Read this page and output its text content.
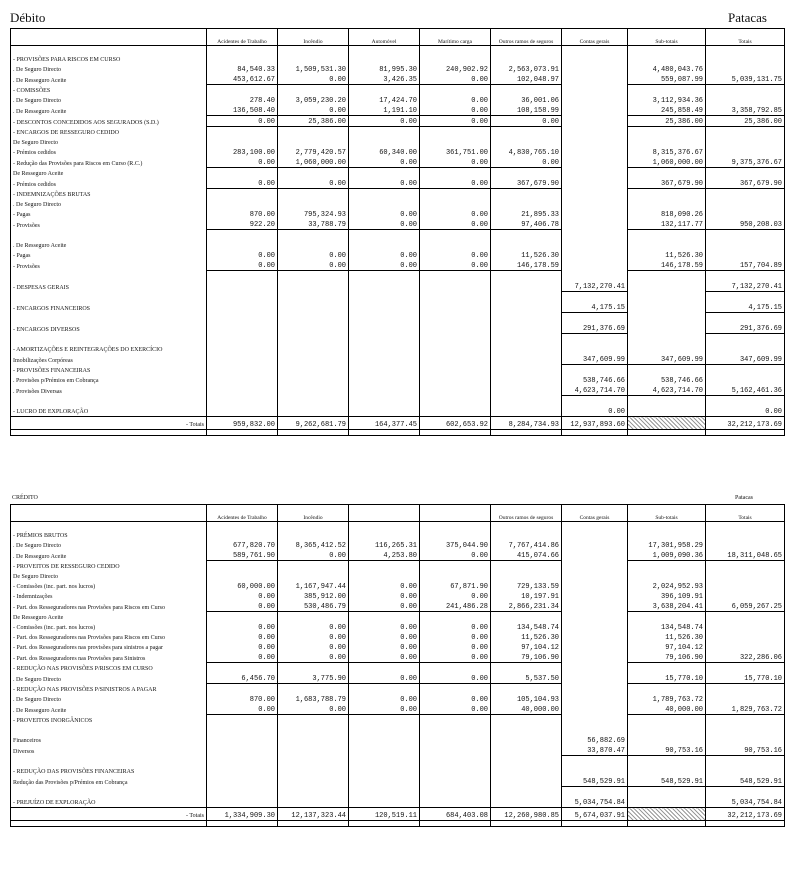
Débito	Patacas
	Acidentes de Trabalho	Incêndio	Automóvel	Marítimo carga	Outros ramos de seguros	Contas gerais	Sub-totais	Totais

- PROVISÕES PARA RISCOS EM CURSO								
. De Seguro Directo	84,540.33	1,509,531.30	81,995.30	240,902.92	2,563,073.91		4,480,043.76	
. De Resseguro Aceite	453,612.67	0.00	3,426.35	0.00	102,048.97		559,087.99	5,039,131.75
- COMISSÕES								
. De Seguro Directo	278.40	3,059,230.20	17,424.70	0.00	36,001.06		3,112,934.36	
. De Resseguro Aceite	136,508.40	0.00	1,191.10	0.00	108,158.99		245,858.49	3,358,792.85
- DESCONTOS CONCEDIDOS AOS SEGURADOS (S.D.)	0.00	25,386.00	0.00	0.00	0.00		25,386.00	25,386.00
- ENCARGOS DE RESSEGURO CEDIDO								
De Seguro Directo								
- Prémios cedidos	283,100.00	2,779,420.57	60,340.00	361,751.00	4,830,765.10		8,315,376.67	
- Redução das Provisões para Riscos em Curso (R.C.)	0.00	1,060,000.00	0.00	0.00	0.00		1,060,000.00	9,375,376.67
De Resseguro Aceite								
- Prémios cedidos	0.00	0.00	0.00	0.00	367,679.90		367,679.90	367,679.90
- INDEMNIZAÇÕES BRUTAS								
. De Seguro Directo								
- Pagas	870.00	795,324.93	0.00	0.00	21,895.33		818,090.26	
- Provisões	922.20	33,788.79	0.00	0.00	97,406.78		132,117.77	950,208.03

. De Resseguro Aceite								
- Pagas	0.00	0.00	0.00	0.00	11,526.30		11,526.30	
- Provisões	0.00	0.00	0.00	0.00	146,178.59		146,178.59	157,704.89

- DESPESAS GERAIS						7,132,270.41		7,132,270.41

- ENCARGOS FINANCEIROS						4,175.15		4,175.15

- ENCARGOS DIVERSOS						291,376.69		291,376.69

- AMORTIZAÇÕES E REINTEGRAÇÕES DO EXERCÍCIO								
Imobilizações Corpóreas						347,609.99	347,609.99	347,609.99
- PROVISÕES FINANCEIRAS								
. Provisões p/Prémios em Cobrança						538,746.66	538,746.66	
. Provisões Diversas						4,623,714.70	4,623,714.70	5,162,461.36

- LUCRO DE EXPLORAÇÃO						0.00		0.00
- Totais	959,832.00	9,262,681.79	164,377.45	602,653.92	8,284,734.93	12,937,893.60		32,212,173.69

CRÉDITO	Patacas
	Acidentes de Trabalho	Incêndio			Outros ramos de seguros	Contas gerais	Sub-totais	Totais

- PRÉMIOS BRUTOS								
. De Seguro Directo	677,820.70	8,365,412.52	116,265.31	375,044.90	7,767,414.86		17,301,958.29	
. De Resseguro Aceite	589,761.90	0.00	4,253.80	0.00	415,074.66		1,009,090.36	18,311,048.65
- PROVEITOS DE RESSEGURO CEDIDO								
De Seguro Directo								
- Comissões (inc. part. nos lucros)	60,000.00	1,167,947.44	0.00	67,871.90	729,133.59		2,024,952.93	
- Indemnizações	0.00	385,912.00	0.00	0.00	10,197.91		396,109.91	
- Part. dos Resseguradores nas Provisões para Riscos em Curso	0.00	530,486.79	0.00	241,486.28	2,866,231.34		3,638,204.41	6,059,267.25
De Resseguro Aceite								
- Comissões (inc. part. nos lucros)	0.00	0.00	0.00	0.00	134,548.74		134,548.74	
- Part. dos Resseguradores nas Provisões para Riscos em Curso	0.00	0.00	0.00	0.00	11,526.30		11,526.30	
- Part. dos Resseguradores nas provisões para sinistros a pagar	0.00	0.00	0.00	0.00	97,104.12		97,104.12	
- Part. dos Resseguradores nas Provisões para Sinistros	0.00	0.00	0.00	0.00	79,106.90		79,106.90	322,286.06
- REDUÇÃO NAS PROVISÕES P/RISCOS EM CURSO								
. De Seguro Directo	6,456.70	3,775.90	0.00	0.00	5,537.50		15,770.10	15,770.10
- REDUÇÃO NAS PROVISÕES P/SINISTROS A PAGAR								
. De Seguro Directo	870.00	1,683,788.79	0.00	0.00	105,104.93		1,789,763.72	
. De Resseguro Aceite	0.00	0.00	0.00	0.00	40,000.00		40,000.00	1,829,763.72
- PROVEITOS INORGÂNICOS								

Financeiros						56,882.69		
Diversos						33,870.47	90,753.16	90,753.16

- REDUÇÃO DAS PROVISÕES FINANCEIRAS								
Redução das Provisões p/Prémios em Cobrança						548,529.91	548,529.91	548,529.91

- PREJUÍZO DE EXPLORAÇÃO						5,034,754.84		5,034,754.84
- Totais	1,334,909.30	12,137,323.44	120,519.11	684,403.08	12,260,980.85	5,674,037.91		32,212,173.69
